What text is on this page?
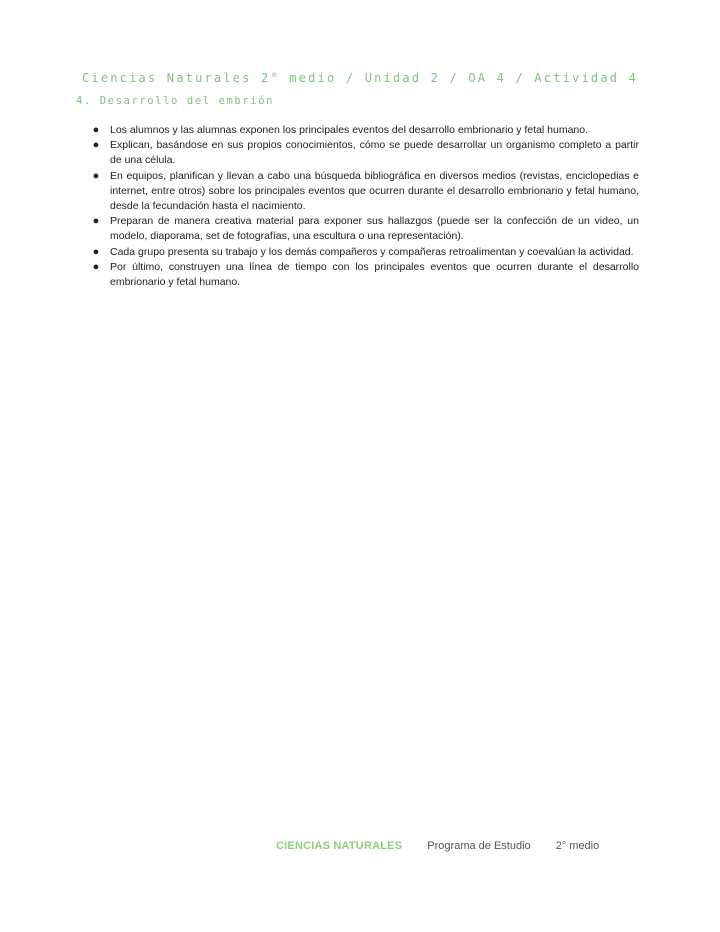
Ciencias Naturales 2° medio / Unidad 2 / OA 4 / Actividad 4
4. Desarrollo del embrión
● Los alumnos y las alumnas exponen los principales eventos del desarrollo embrionario y fetal humano.
● Explican, basándose en sus propios conocimientos, cómo se puede desarrollar un organismo completo a partir de una célula.
● En equipos, planifican y llevan a cabo una búsqueda bibliográfica en diversos medios (revistas, enciclopedias e internet, entre otros) sobre los principales eventos que ocurren durante el desarrollo embrionario y fetal humano, desde la fecundación hasta el nacimiento.
● Preparan de manera creativa material para exponer sus hallazgos (puede ser la confección de un video, un modelo, diaporama, set de fotografías, una escultura o una representación).
● Cada grupo presenta su trabajo y los demás compañeros y compañeras retroalimentan y coevalúan la actividad.
● Por último, construyen una línea de tiempo con los principales eventos que ocurren durante el desarrollo embrionario y fetal humano.
CIENCIAS NATURALES Programa de Estudio 2° medio
